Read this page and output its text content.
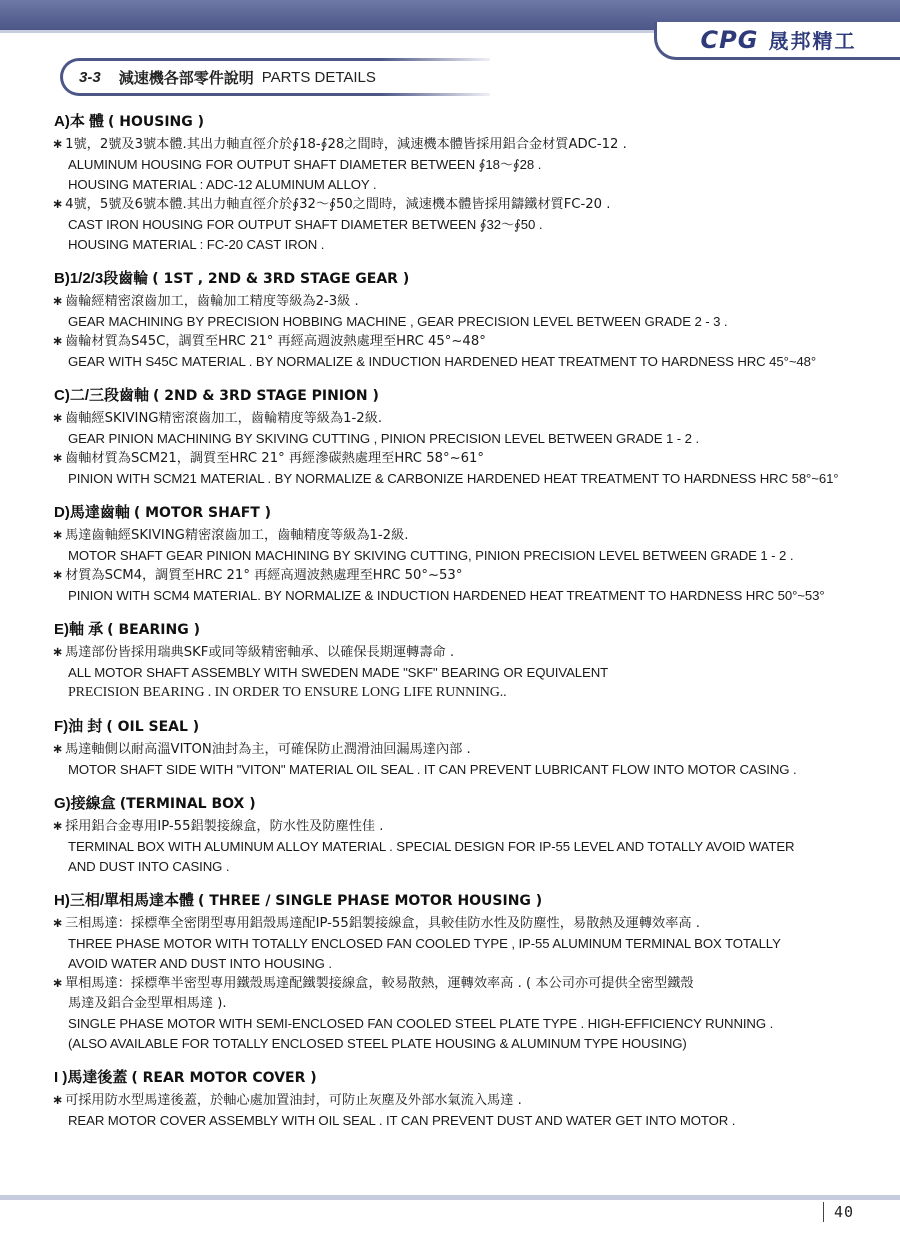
CPG 晟邦精工
3-3 減速機各部零件說明 PARTS DETAILS
A)本 體 ( HOUSING )
∗ 1號，2號及3號本體.其出力軸直徑介於∮18-∮28之間時，減速機本體皆採用鋁合金材質ADC-12 .
ALUMINUM HOUSING FOR OUTPUT SHAFT DIAMETER BETWEEN ∮18～∮28 .
HOUSING MATERIAL : ADC-12 ALUMINUM ALLOY .
∗ 4號，5號及6號本體.其出力軸直徑介於∮32～∮50之間時，減速機本體皆採用鑄鐵材質FC-20 .
CAST IRON HOUSING FOR OUTPUT SHAFT DIAMETER BETWEEN ∮32～∮50 .
HOUSING MATERIAL : FC-20 CAST IRON .
B)1/2/3段齒輪 ( 1ST , 2ND & 3RD STAGE GEAR )
∗ 齒輪經精密滾齒加工，齒輪加工精度等級為2-3級 .
GEAR MACHINING BY PRECISION HOBBING MACHINE , GEAR PRECISION LEVEL BETWEEN GRADE 2 - 3 .
∗ 齒輪材質為S45C，調質至HRC 21° 再經高週波熱處理至HRC 45°~48°
GEAR WITH S45C MATERIAL . BY NORMALIZE & INDUCTION HARDENED HEAT TREATMENT TO HARDNESS HRC 45°~48°
C)二/三段齒軸 ( 2ND & 3RD STAGE PINION )
∗ 齒軸經SKIVING精密滾齒加工，齒輪精度等級為1-2級.
GEAR PINION MACHINING BY SKIVING CUTTING , PINION PRECISION LEVEL BETWEEN GRADE 1 - 2 .
∗ 齒軸材質為SCM21，調質至HRC 21° 再經滲碳熱處理至HRC 58°~61°
PINION WITH SCM21 MATERIAL . BY NORMALIZE & CARBONIZE HARDENED HEAT TREATMENT TO HARDNESS HRC 58°~61°
D)馬達齒軸 ( MOTOR SHAFT )
∗ 馬達齒軸經SKIVING精密滾齒加工，齒軸精度等級為1-2級.
MOTOR SHAFT GEAR PINION MACHINING BY SKIVING CUTTING, PINION PRECISION LEVEL BETWEEN GRADE 1 - 2 .
∗ 材質為SCM4，調質至HRC 21° 再經高週波熱處理至HRC 50°~53°
PINION WITH SCM4 MATERIAL. BY NORMALIZE & INDUCTION HARDENED HEAT TREATMENT TO HARDNESS HRC 50°~53°
E)軸 承 ( BEARING )
∗ 馬達部份皆採用瑞典SKF或同等級精密軸承、以確保長期運轉壽命 .
ALL MOTOR SHAFT ASSEMBLY WITH SWEDEN MADE "SKF" BEARING OR EQUIVALENT
PRECISION BEARING . IN ORDER TO ENSURE LONG LIFE RUNNING..
F)油 封 ( OIL SEAL )
∗ 馬達軸側以耐高溫VITON油封為主，可確保防止潤滑油回漏馬達內部 .
MOTOR SHAFT SIDE WITH "VITON" MATERIAL OIL SEAL . IT CAN PREVENT LUBRICANT FLOW INTO MOTOR CASING .
G)接線盒 (TERMINAL BOX )
∗ 採用鋁合金專用IP-55鋁製接線盒，防水性及防塵性佳 .
TERMINAL BOX WITH ALUMINUM ALLOY MATERIAL . SPECIAL DESIGN FOR IP-55 LEVEL AND TOTALLY AVOID WATER
AND DUST INTO CASING .
H)三相/單相馬達本體 ( THREE / SINGLE PHASE MOTOR HOUSING )
∗ 三相馬達：採標準全密閉型專用鋁殼馬達配IP-55鋁製接線盒，具較佳防水性及防塵性，易散熱及運轉效率高 .
THREE PHASE MOTOR WITH TOTALLY ENCLOSED FAN COOLED TYPE , IP-55 ALUMINUM TERMINAL BOX TOTALLY
AVOID WATER AND DUST INTO HOUSING .
∗ 單相馬達：採標準半密型專用鐵殼馬達配鐵製接線盒，較易散熱，運轉效率高 . ( 本公司亦可提供全密型鐵殼
馬達及鋁合金型單相馬達 ).
SINGLE PHASE MOTOR WITH SEMI-ENCLOSED FAN COOLED STEEL PLATE TYPE . HIGH-EFFICIENCY RUNNING .
(ALSO AVAILABLE FOR TOTALLY ENCLOSED STEEL PLATE HOUSING & ALUMINUM TYPE HOUSING)
I )馬達後蓋 ( REAR MOTOR COVER )
∗ 可採用防水型馬達後蓋，於軸心處加置油封，可防止灰塵及外部水氣流入馬達 .
REAR MOTOR COVER ASSEMBLY WITH OIL SEAL . IT CAN PREVENT DUST AND WATER GET INTO MOTOR .
40
